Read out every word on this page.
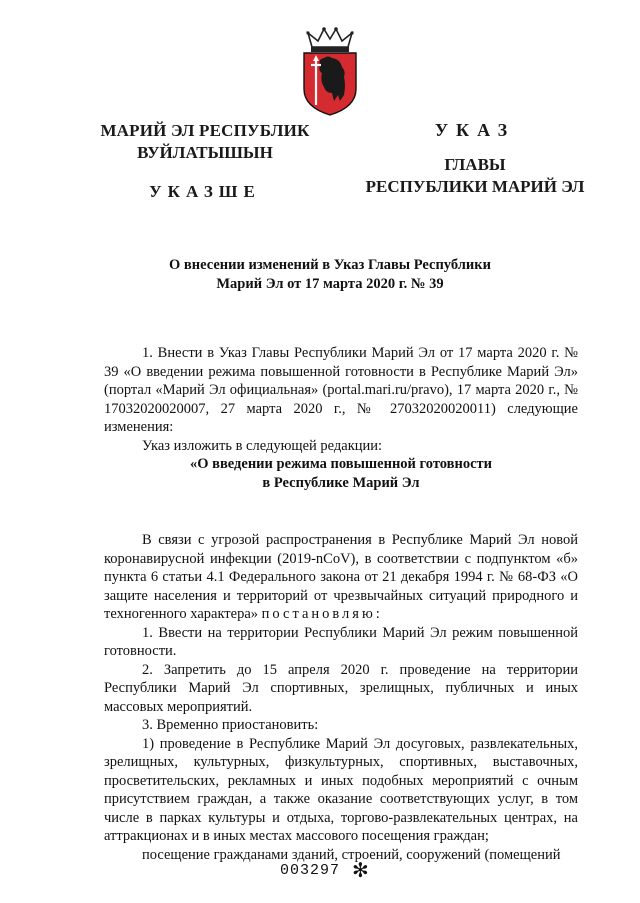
МАРИЙ ЭЛ РЕСПУБЛИК
ВУЙЛАТЫШЫН
УКАЗШЕ
УКАЗ
ГЛАВЫ
РЕСПУБЛИКИ МАРИЙ ЭЛ
О внесении изменений в Указ Главы Республики
Марий Эл от 17 марта 2020 г. № 39

1. Внести в Указ Главы Республики Марий Эл от 17 марта 2020 г. № 39 «О введении режима повышенной готовности в Республике Марий Эл» (портал «Марий Эл официальная» (portal.mari.ru/pravo), 17 марта 2020 г., № 17032020020007, 27 марта 2020 г., № 27032020020011) следующие изменения:

Указ изложить в следующей редакции:

«О введении режима повышенной готовности

в Республике Марий Эл

В связи с угрозой распространения в Республике Марий Эл новой коронавирусной инфекции (2019-nCoV), в соответствии с подпунктом «б» пункта 6 статьи 4.1 Федерального закона от 21 декабря 1994 г. № 68-ФЗ «О защите населения и территорий от чрезвычайных ситуаций природного и техногенного характера» постановляю:

1. Ввести на территории Республики Марий Эл режим повышенной готовности.

2. Запретить до 15 апреля 2020 г. проведение на территории Республики Марий Эл спортивных, зрелищных, публичных и иных массовых мероприятий.

3. Временно приостановить:

1) проведение в Республике Марий Эл досуговых, развлекательных, зрелищных, культурных, физкультурных, спортивных, выставочных, просветительских, рекламных и иных подобных мероприятий с очным присутствием граждан, а также оказание соответствующих услуг, в том числе в парках культуры и отдыха, торгово-развлекательных центрах, на аттракционах и в иных местах массового посещения граждан;

посещение гражданами зданий, строений, сооружений (помещений

003297 ✻
